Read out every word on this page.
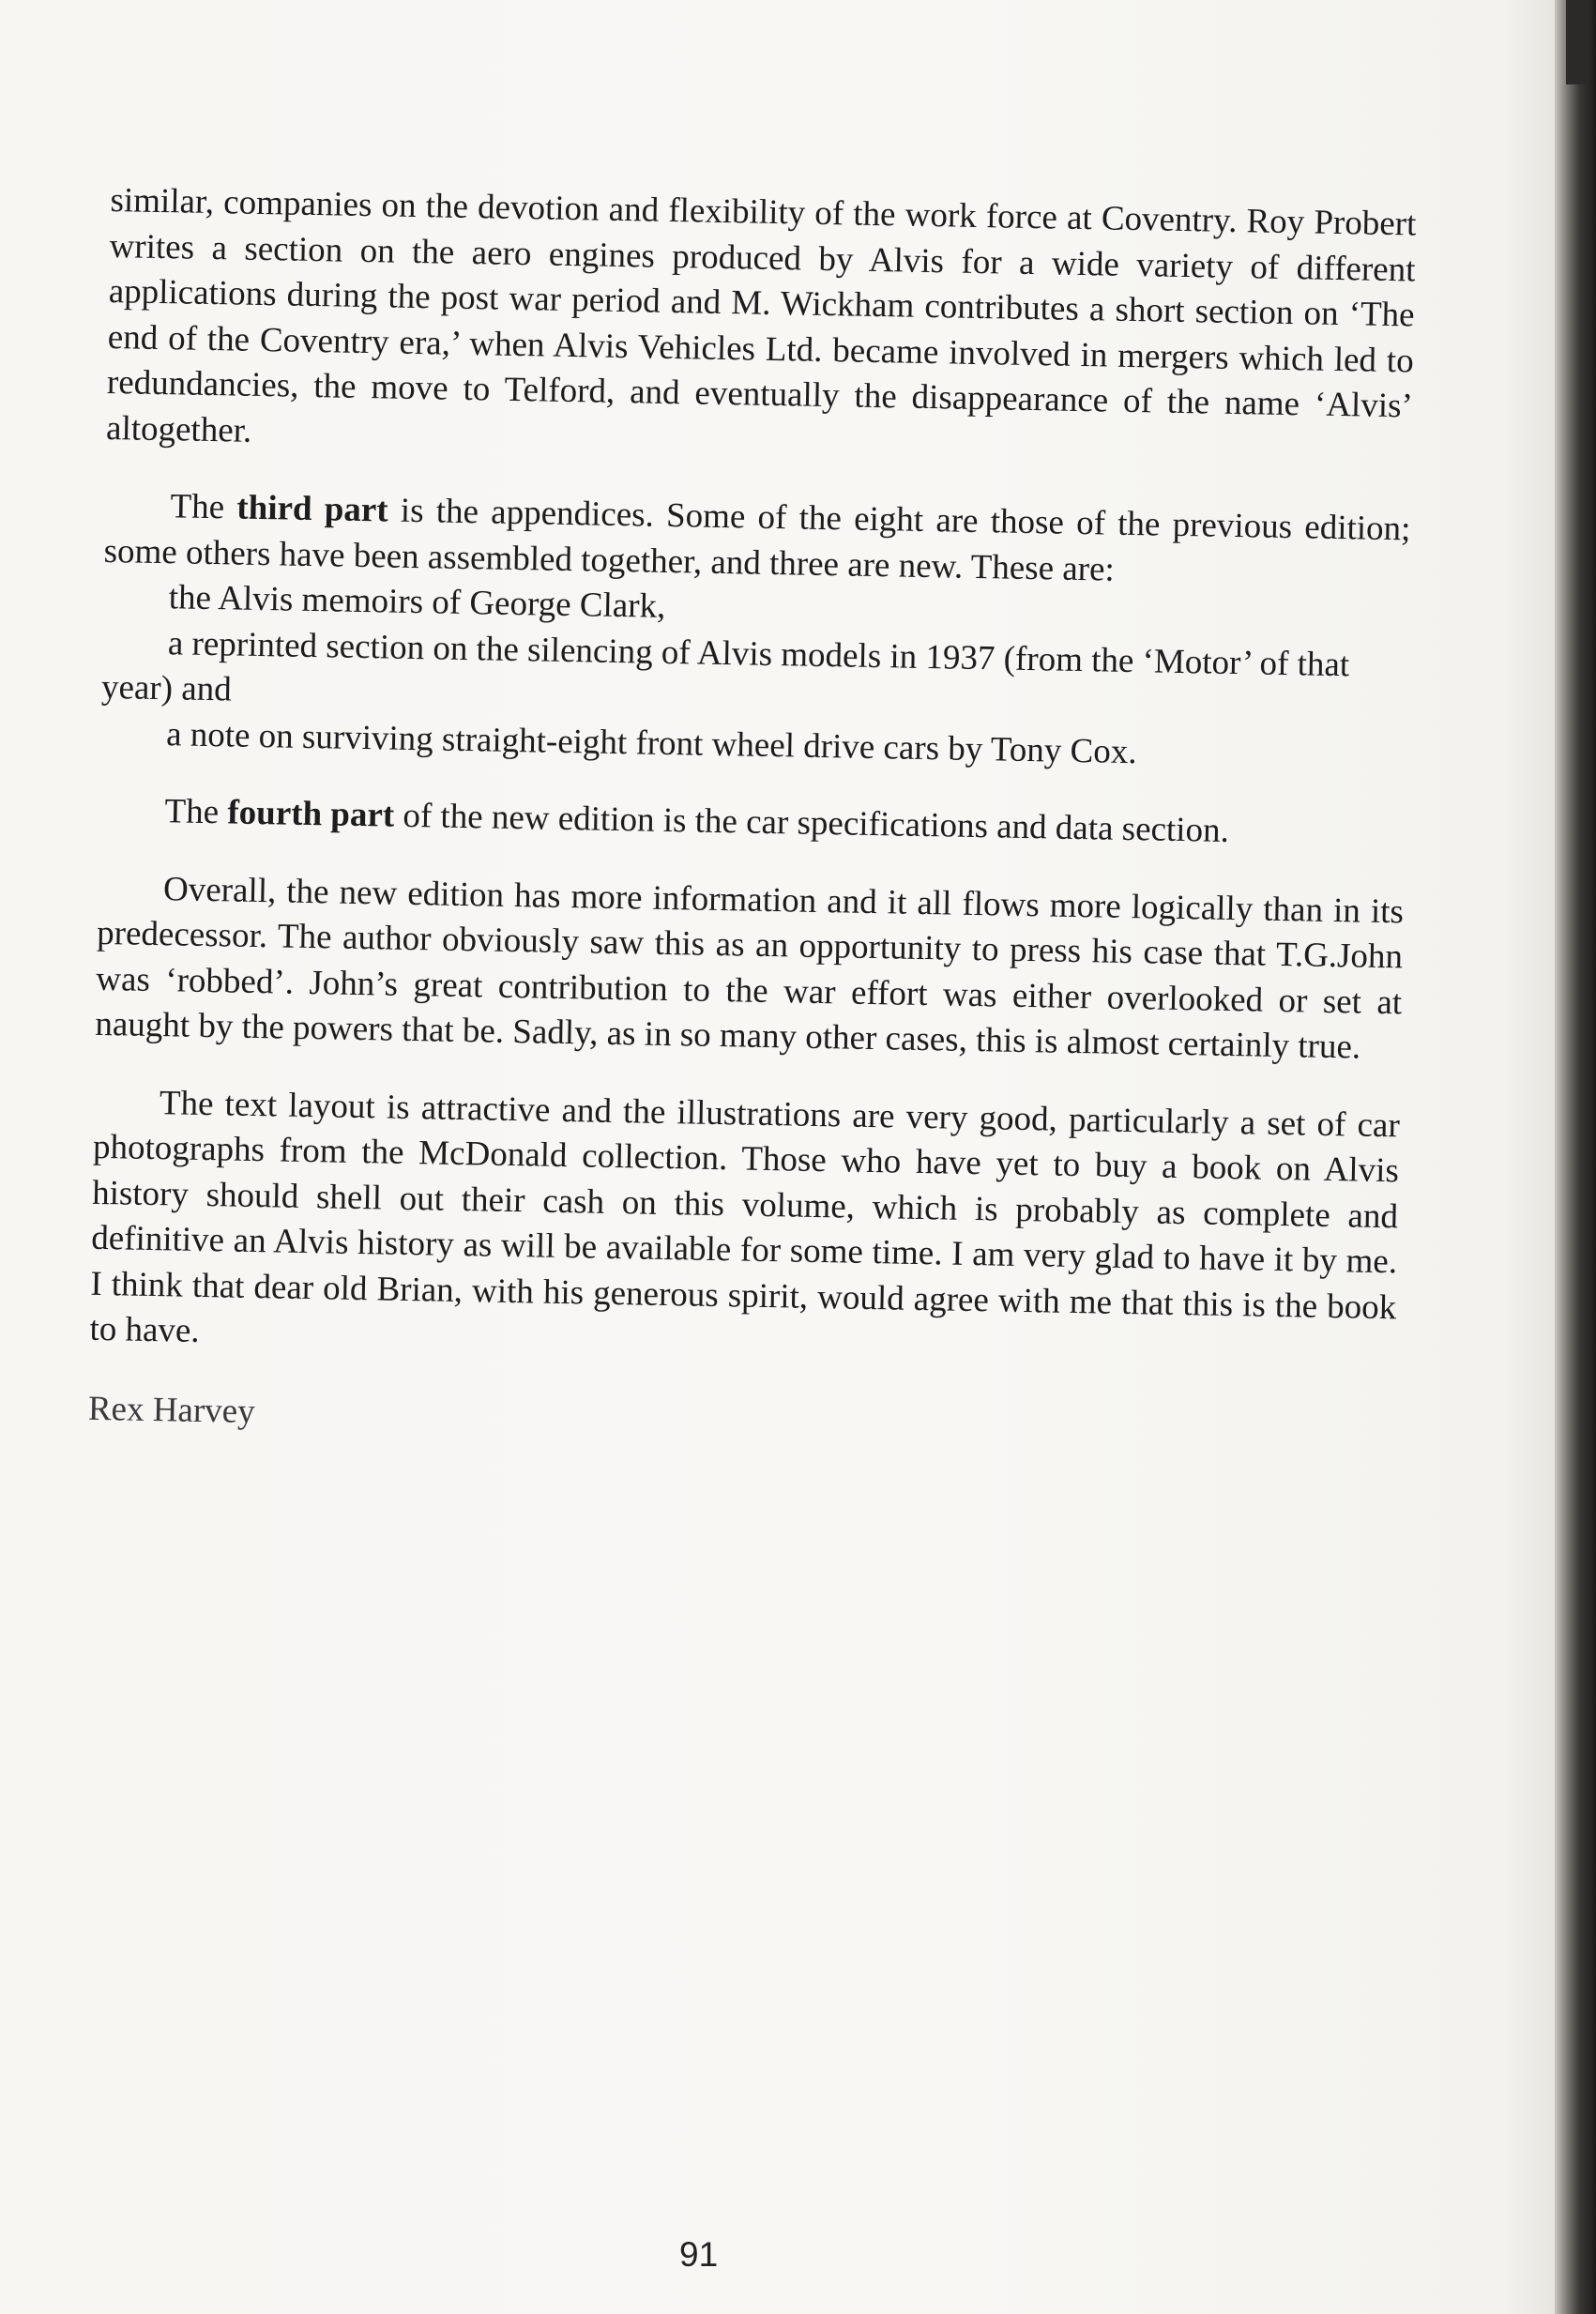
similar, companies on the devotion and flexibility of the work force at Coventry. Roy Probert writes a section on the aero engines produced by Alvis for a wide variety of different applications during the post war period and M. Wickham contributes a short section on ‘The end of the Coventry era,’ when Alvis Vehicles Ltd. became involved in mergers which led to redundancies, the move to Telford, and eventually the disappearance of the name ‘Alvis’ altogether.

The third part is the appendices. Some of the eight are those of the previous edition; some others have been assembled together, and three are new. These are:

the Alvis memoirs of George Clark,

a reprinted section on the silencing of Alvis models in 1937 (from the ‘Motor’ of that year) and

a note on surviving straight-eight front wheel drive cars by Tony Cox.

The fourth part of the new edition is the car specifications and data section.

Overall, the new edition has more information and it all flows more logically than in its predecessor. The author obviously saw this as an opportunity to press his case that T.G.John was ‘robbed’. John’s great contribution to the war effort was either overlooked or set at naught by the powers that be. Sadly, as in so many other cases, this is almost certainly true.

The text layout is attractive and the illustrations are very good, particularly a set of car photographs from the McDonald collection. Those who have yet to buy a book on Alvis history should shell out their cash on this volume, which is probably as complete and definitive an Alvis history as will be available for some time. I am very glad to have it by me. I think that dear old Brian, with his generous spirit, would agree with me that this is the book to have.

Rex Harvey

91
